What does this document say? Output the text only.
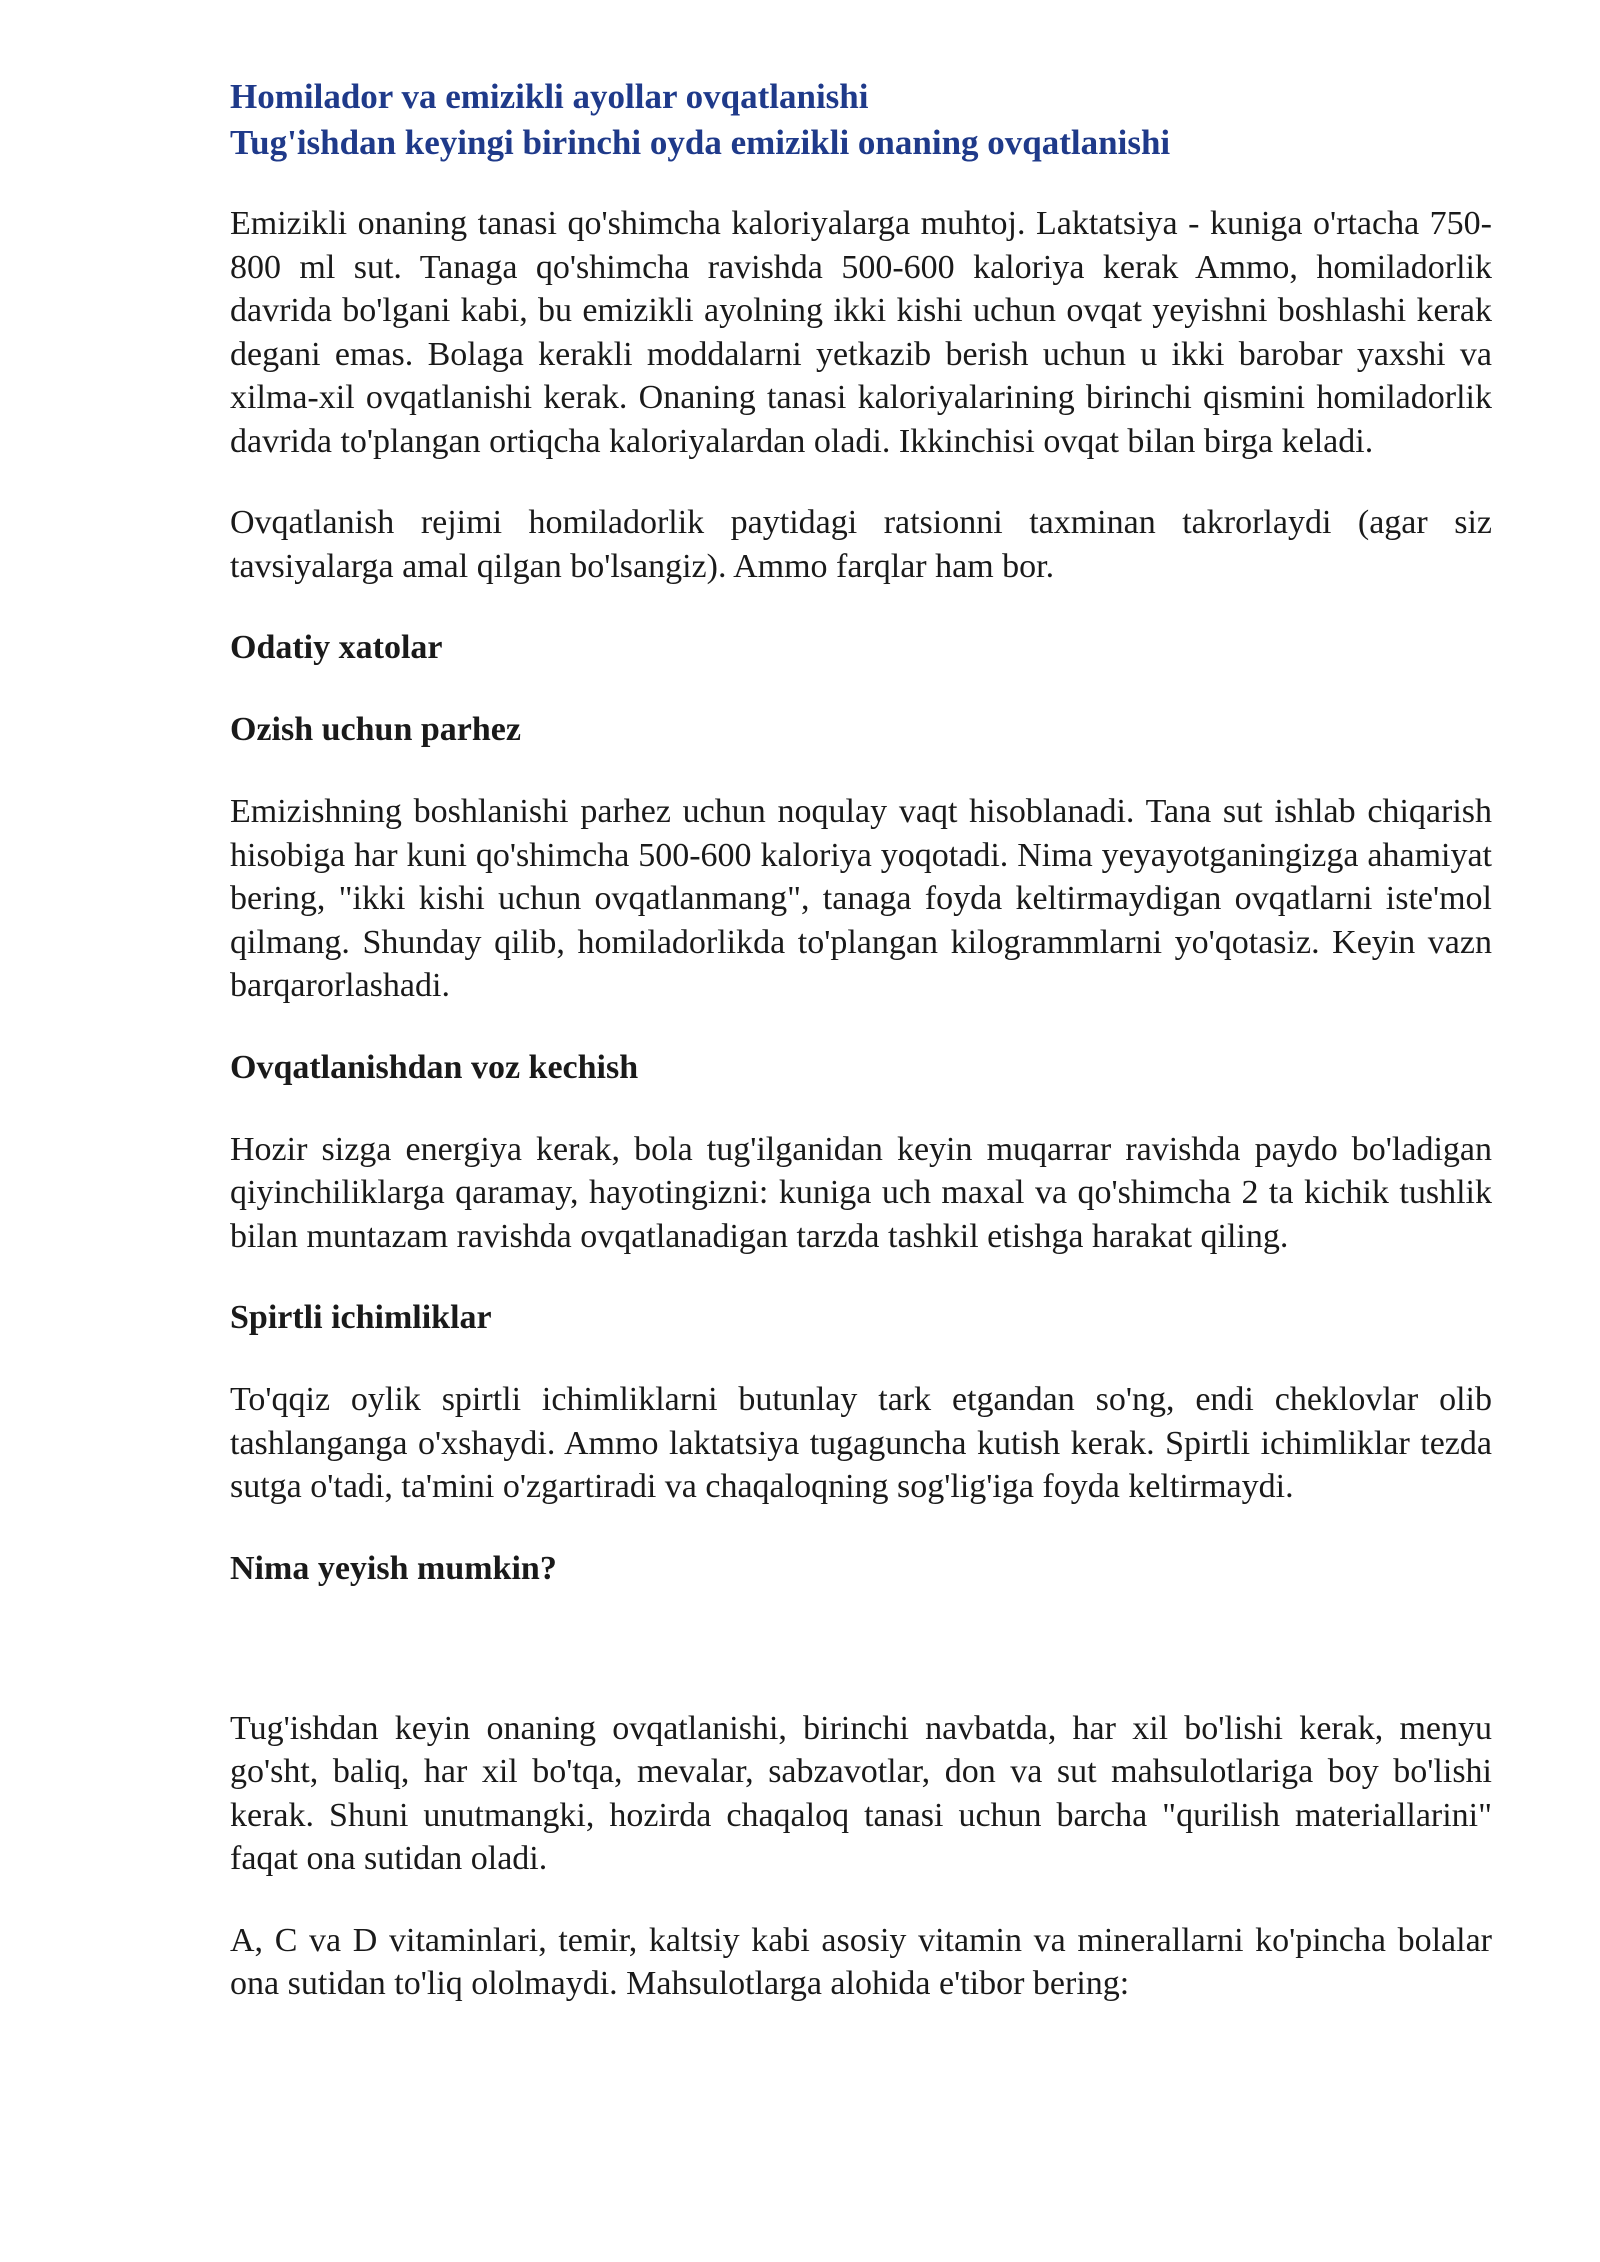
Homilador va emizikli ayollar ovqatlanishi
Tug'ishdan keyingi birinchi oyda emizikli onaning ovqatlanishi

Emizikli onaning tanasi qo'shimcha kaloriyalarga muhtoj. Laktatsiya - kuniga o'rtacha 750-800 ml sut. Tanaga qo'shimcha ravishda 500-600 kaloriya kerak Ammo, homiladorlik davrida bo'lgani kabi, bu emizikli ayolning ikki kishi uchun ovqat yeyishni boshlashi kerak degani emas. Bolaga kerakli moddalarni yetkazib berish uchun u ikki barobar yaxshi va xilma-xil ovqatlanishi kerak. Onaning tanasi kaloriyalarining birinchi qismini homiladorlik davrida to'plangan ortiqcha kaloriyalardan oladi. Ikkinchisi ovqat bilan birga keladi.

Ovqatlanish rejimi homiladorlik paytidagi ratsionni taxminan takrorlaydi (agar siz tavsiyalarga amal qilgan bo'lsangiz). Ammo farqlar ham bor.

Odatiy xatolar
Ozish uchun parhez

Emizishning boshlanishi parhez uchun noqulay vaqt hisoblanadi. Tana sut ishlab chiqarish hisobiga har kuni qo'shimcha 500-600 kaloriya yoqotadi. Nima yeyayotganingizga ahamiyat bering, "ikki kishi uchun ovqatlanmang", tanaga foyda keltirmaydigan ovqatlarni iste'mol qilmang. Shunday qilib, homiladorlikda to'plangan kilogrammlarni yo'qotasiz. Keyin vazn barqarorlashadi.

Ovqatlanishdan voz kechish

Hozir sizga energiya kerak, bola tug'ilganidan keyin muqarrar ravishda paydo bo'ladigan qiyinchiliklarga qaramay, hayotingizni: kuniga uch maxal va qo'shimcha 2 ta kichik tushlik bilan muntazam ravishda ovqatlanadigan tarzda tashkil etishga harakat qiling.

Spirtli ichimliklar

To'qqiz oylik spirtli ichimliklarni butunlay tark etgandan so'ng, endi cheklovlar olib tashlanganga o'xshaydi. Ammo laktatsiya tugaguncha kutish kerak. Spirtli ichimliklar tezda sutga o'tadi, ta'mini o'zgartiradi va chaqaloqning sog'lig'iga foyda keltirmaydi.

Nima yeyish mumkin?

Tug'ishdan keyin onaning ovqatlanishi, birinchi navbatda, har xil bo'lishi kerak, menyu go'sht, baliq, har xil bo'tqa, mevalar, sabzavotlar, don va sut mahsulotlariga boy bo'lishi kerak. Shuni unutmangki, hozirda chaqaloq tanasi uchun barcha "qurilish materiallarini" faqat ona sutidan oladi.

A, C va D vitaminlari, temir, kaltsiy kabi asosiy vitamin va minerallarni ko'pincha bolalar ona sutidan to'liq ololmaydi. Mahsulotlarga alohida e'tibor bering:
